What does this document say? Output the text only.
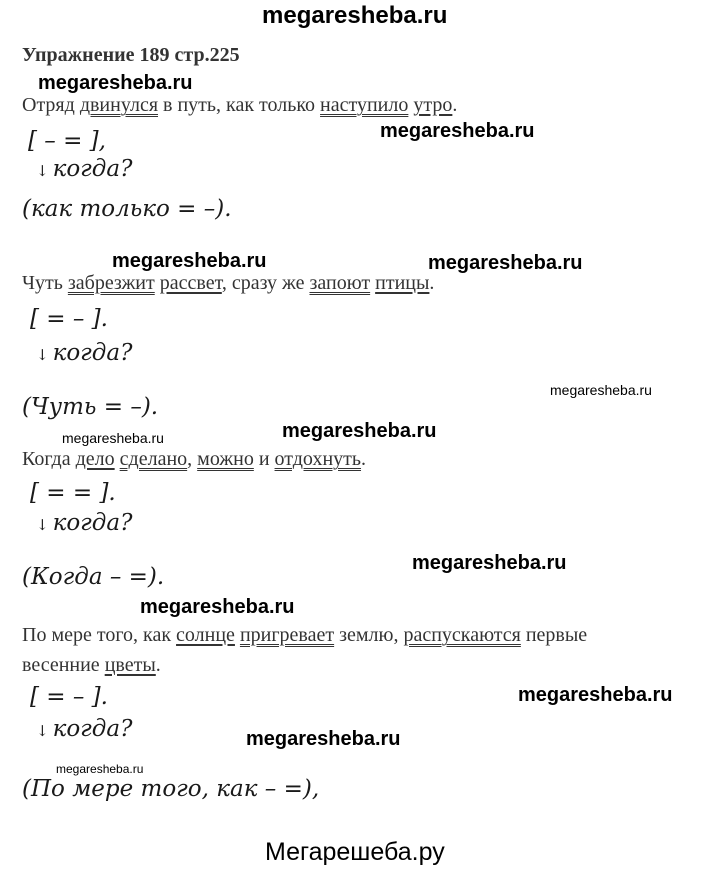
megaresheba.ru
Упражнение 189 стр.225
megaresheba.ru
Отряд двинулся в путь, как только наступило утро.
megaresheba.ru
[ – = ],
↓ когда?
(как только = –).
megaresheba.ru	megaresheba.ru
Чуть забрезжит рассвет, сразу же запоют птицы.
[ = – ].
↓ когда?
megaresheba.ru
(Чуть = –).
megaresheba.ru	megaresheba.ru
Когда дело сделано, можно и отдохнуть.
[ = = ].
↓ когда?
megaresheba.ru
(Когда – =).
megaresheba.ru
По мере того, как солнце пригревает землю, распускаются первые
весенние цветы.
megaresheba.ru
[ = – ].
↓ когда?	megaresheba.ru
megaresheba.ru
(По мере того, как – =),
Мегарешеба.ру
